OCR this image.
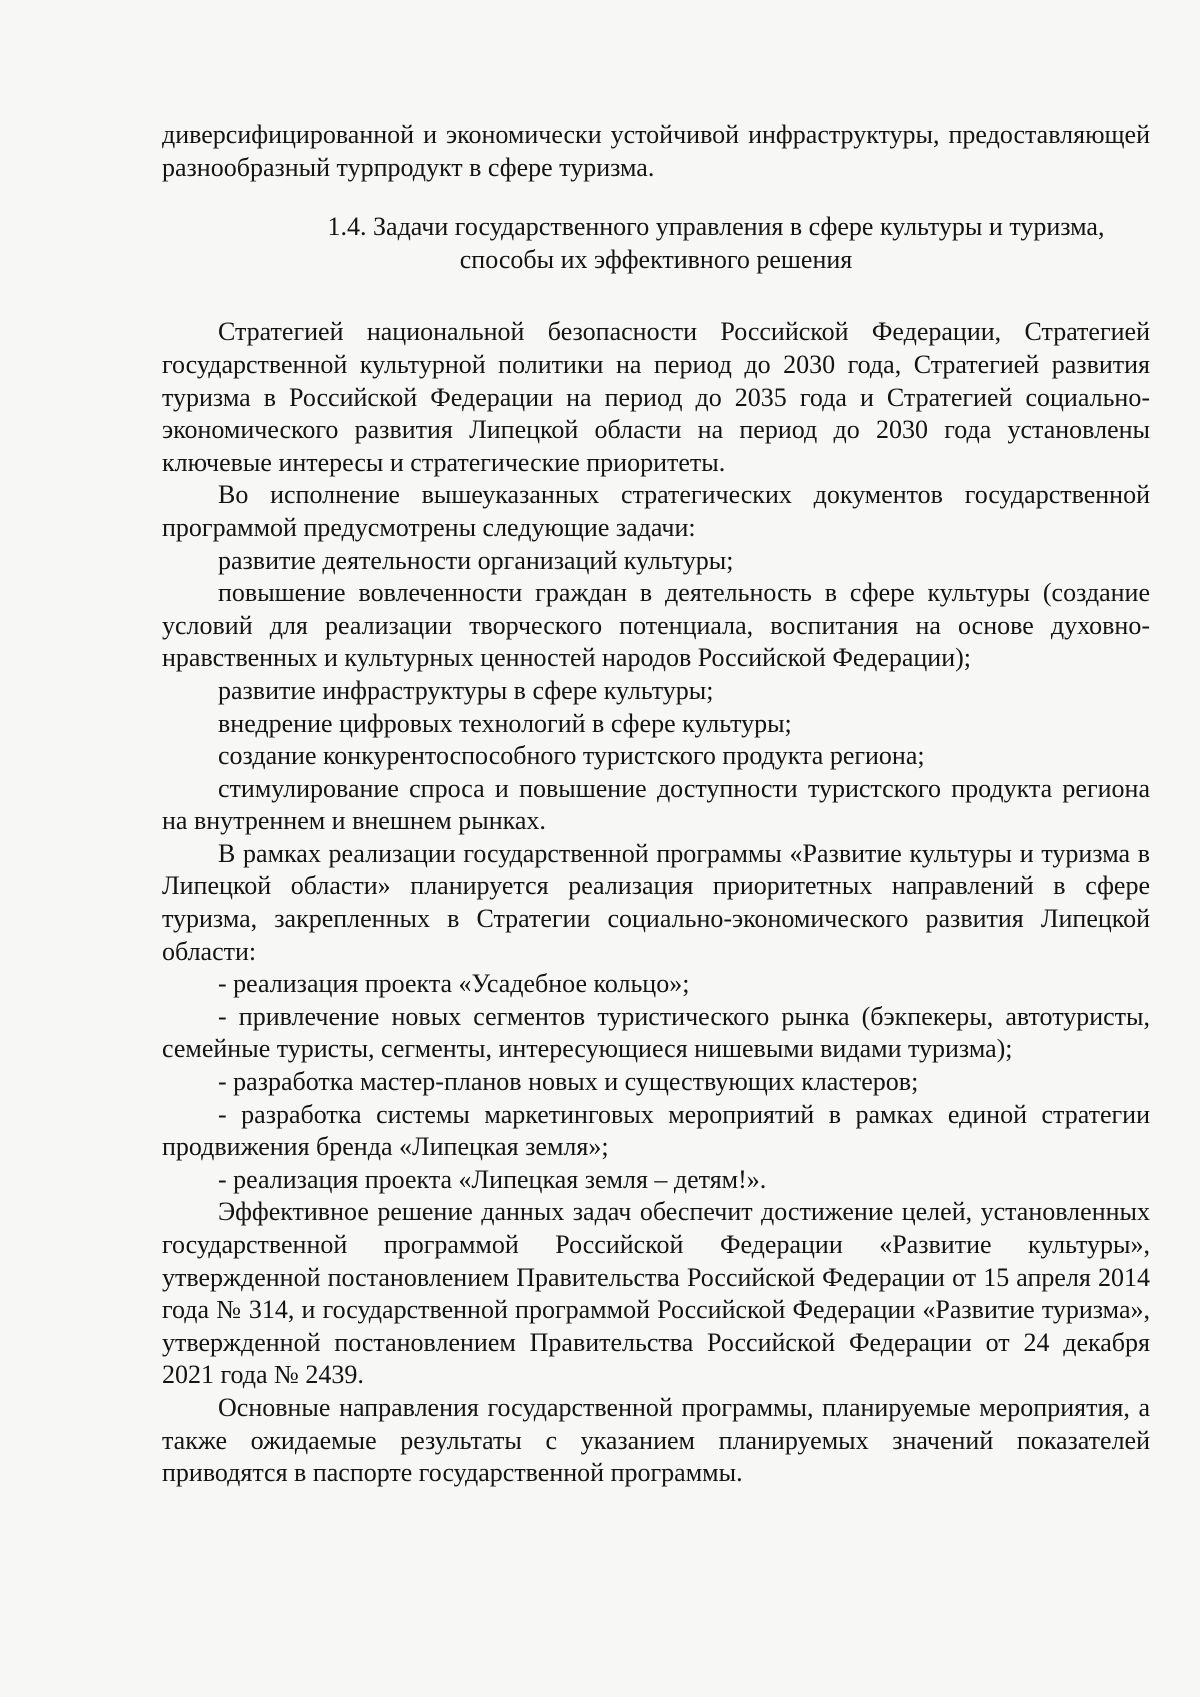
диверсифицированной и экономически устойчивой инфраструктуры, предоставляющей разнообразный турпродукт в сфере туризма.

1.4. Задачи государственного управления в сфере культуры и туризма,
способы их эффективного решения

Стратегией национальной безопасности Российской Федерации, Стратегией государственной культурной политики на период до 2030 года, Стратегией развития туризма в Российской Федерации на период до 2035 года и Стратегией социально-экономического развития Липецкой области на период до 2030 года установлены ключевые интересы и стратегические приоритеты.

Во исполнение вышеуказанных стратегических документов государственной программой предусмотрены следующие задачи:

развитие деятельности организаций культуры;

повышение вовлеченности граждан в деятельность в сфере культуры (создание условий для реализации творческого потенциала, воспитания на основе духовно-нравственных и культурных ценностей народов Российской Федерации);

развитие инфраструктуры в сфере культуры;

внедрение цифровых технологий в сфере культуры;

создание конкурентоспособного туристского продукта региона;

стимулирование спроса и повышение доступности туристского продукта региона на внутреннем и внешнем рынках.

В рамках реализации государственной программы «Развитие культуры и туризма в Липецкой области» планируется реализация приоритетных направлений в сфере туризма, закрепленных в Стратегии социально-экономического развития Липецкой области:

- реализация проекта «Усадебное кольцо»;

- привлечение новых сегментов туристического рынка (бэкпекеры, автотуристы, семейные туристы, сегменты, интересующиеся нишевыми видами туризма);

- разработка мастер-планов новых и существующих кластеров;

- разработка системы маркетинговых мероприятий в рамках единой стратегии продвижения бренда «Липецкая земля»;

- реализация проекта «Липецкая земля – детям!».

Эффективное решение данных задач обеспечит достижение целей, установленных государственной программой Российской Федерации «Развитие культуры», утвержденной постановлением Правительства Российской Федерации от 15 апреля 2014 года № 314, и государственной программой Российской Федерации «Развитие туризма», утвержденной постановлением Правительства Российской Федерации от 24 декабря 2021 года № 2439.

Основные направления государственной программы, планируемые мероприятия, а также ожидаемые результаты с указанием планируемых значений показателей приводятся в паспорте государственной программы.
